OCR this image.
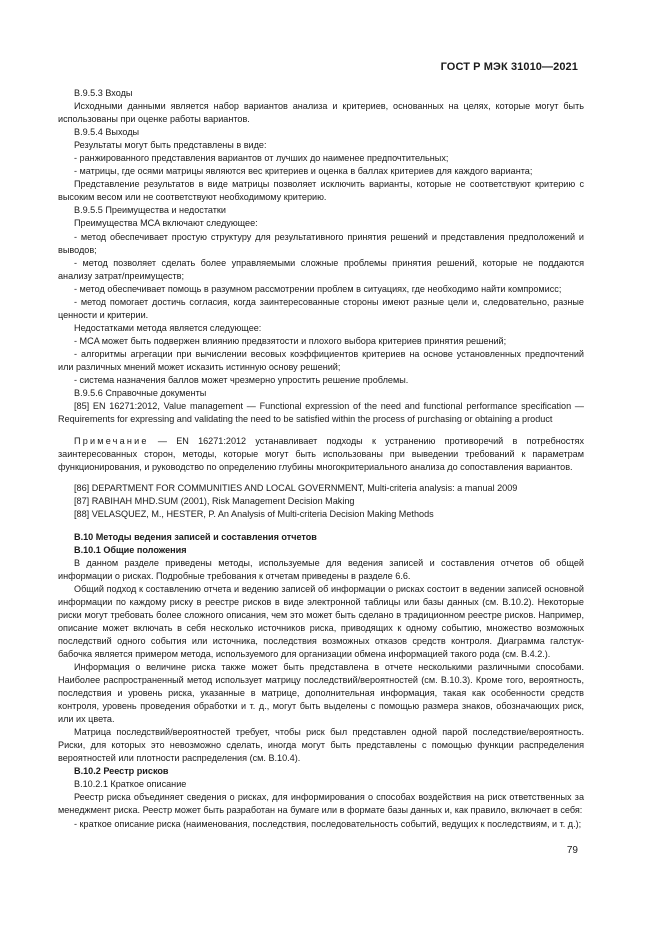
ГОСТ Р МЭК 31010—2021

B.9.5.3 Входы

Исходными данными является набор вариантов анализа и критериев, основанных на целях, которые могут быть использованы при оценке работы вариантов.

B.9.5.4 Выходы

Результаты могут быть представлены в виде:

- ранжированного представления вариантов от лучших до наименее предпочтительных;

- матрицы, где осями матрицы являются вес критериев и оценка в баллах критериев для каждого варианта;

Представление результатов в виде матрицы позволяет исключить варианты, которые не соответствуют критерию с высоким весом или не соответствуют необходимому критерию.

B.9.5.5 Преимущества и недостатки

Преимущества MCA включают следующее:

- метод обеспечивает простую структуру для результативного принятия решений и представления предположений и выводов;

- метод позволяет сделать более управляемыми сложные проблемы принятия решений, которые не поддаются анализу затрат/преимуществ;

- метод обеспечивает помощь в разумном рассмотрении проблем в ситуациях, где необходимо найти компромисс;

- метод помогает достичь согласия, когда заинтересованные стороны имеют разные цели и, следовательно, разные ценности и критерии.

Недостатками метода является следующее:

- MCA может быть подвержен влиянию предвзятости и плохого выбора критериев принятия решений;

- алгоритмы агрегации при вычислении весовых коэффициентов критериев на основе установленных предпочтений или различных мнений может исказить истинную основу решений;

- система назначения баллов может чрезмерно упростить решение проблемы.

B.9.5.6 Справочные документы

[85] EN 16271:2012, Value management — Functional expression of the need and functional performance specification — Requirements for expressing and validating the need to be satisfied within the process of purchasing or obtaining a product

Примечание — EN 16271:2012 устанавливает подходы к устранению противоречий в потребностях заинтересованных сторон, методы, которые могут быть использованы при выведении требований к параметрам функционирования, и руководство по определению глубины многокритериального анализа до сопоставления вариантов.

[86] DEPARTMENT FOR COMMUNITIES AND LOCAL GOVERNMENT, Multi-criteria analysis: a manual 2009

[87] RABIHAH MHD.SUM (2001), Risk Management Decision Making

[88] VELASQUEZ, M., HESTER, P. An Analysis of Multi-criteria Decision Making Methods

B.10 Методы ведения записей и составления отчетов

B.10.1 Общие положения

В данном разделе приведены методы, используемые для ведения записей и составления отчетов об общей информации о рисках. Подробные требования к отчетам приведены в разделе 6.6.

Общий подход к составлению отчета и ведению записей об информации о рисках состоит в ведении записей основной информации по каждому риску в реестре рисков в виде электронной таблицы или базы данных (см. B.10.2). Некоторые риски могут требовать более сложного описания, чем это может быть сделано в традиционном реестре рисков. Например, описание может включать в себя несколько источников риска, приводящих к одному событию, множество возможных последствий одного события или источника, последствия возможных отказов средств контроля. Диаграмма галстук-бабочка является примером метода, используемого для организации обмена информацией такого рода (см. B.4.2.).

Информация о величине риска также может быть представлена в отчете несколькими различными способами. Наиболее распространенный метод использует матрицу последствий/вероятностей (см. B.10.3). Кроме того, вероятность, последствия и уровень риска, указанные в матрице, дополнительная информация, такая как особенности средств контроля, уровень проведения обработки и т. д., могут быть выделены с помощью размера знаков, обозначающих риск, или их цвета.

Матрица последствий/вероятностей требует, чтобы риск был представлен одной парой последствие/вероятность. Риски, для которых это невозможно сделать, иногда могут быть представлены с помощью функции распределения вероятностей или плотности распределения (см. B.10.4).

B.10.2 Реестр рисков

B.10.2.1 Краткое описание

Реестр риска объединяет сведения о рисках, для информирования о способах воздействия на риск ответственных за менеджмент риска. Реестр может быть разработан на бумаге или в формате базы данных и, как правило, включает в себя:

- краткое описание риска (наименования, последствия, последовательность событий, ведущих к последствиям, и т. д.);

79
